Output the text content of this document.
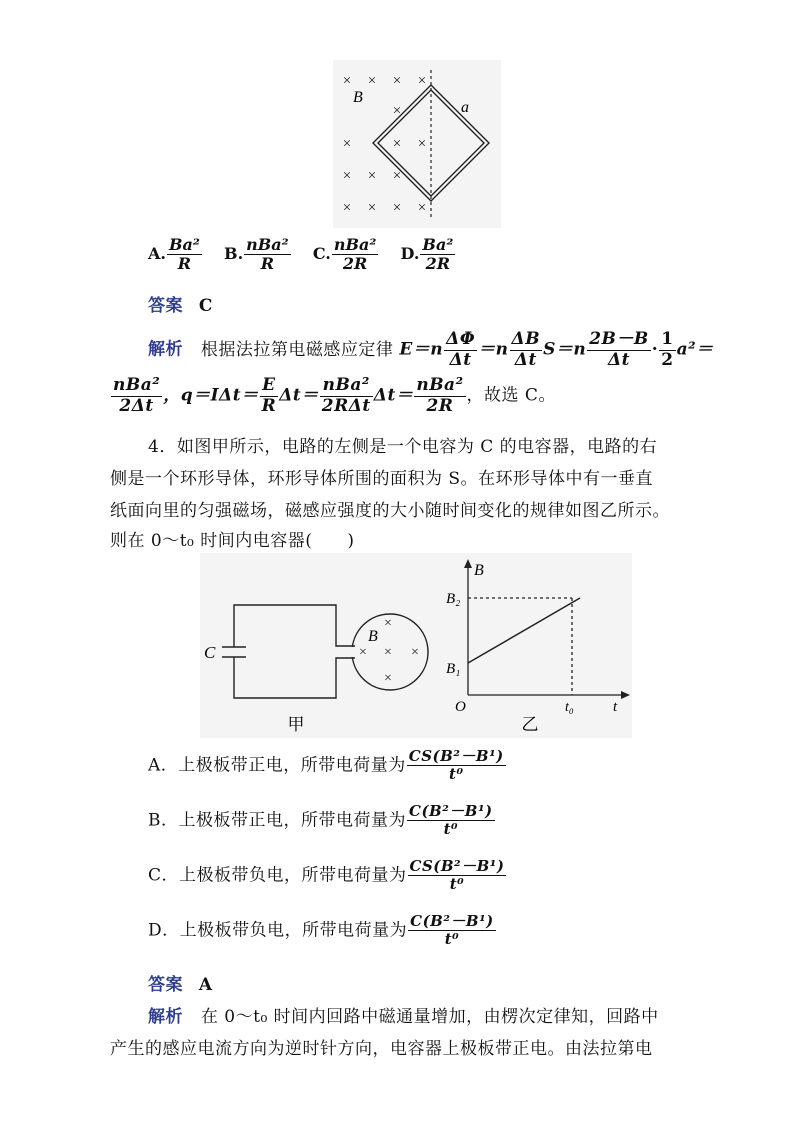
× × × ×
×
×	× ×
× × ×
× × × ×
B
a
A. $\frac{\text{Ba²}}{R} B$. $\frac{\text{nBa²}}{R} C$. $\frac{\text{nBa²}}{2R} D$. $\frac{\text{Ba²}}{2R}$
答案 C
解析 根据法拉第电磁感应定律 $E=n \frac{\Delta\Phi}{\Delta t} =n \frac{\Delta B}{\Delta t} S=n \frac{2B-B}{\Delta t} \cdot \frac{1}{2} a^2=$
$\frac{\text{nBa²}}{2\Delta t}$ ，$q=I\Delta t= \frac{E}{R} \Delta t= \frac{\text{nBa²}}{\text{2RΔt}} \Delta t= \frac{\text{nBa²}}{2R}$ ，故选 C。
4．如图甲所示，电路的左侧是一个电容为 C 的电容器，电路的右
侧是一个环形导体，环形导体所围的面积为 S。在环形导体中有一垂直
纸面向里的匀强磁场，磁感应强度的大小随时间变化的规律如图乙所示。
则在 0～t₀ 时间内电容器(　　)
C
B
×
× × ×
×
甲
B
B₂
B₁
O	t₀	t
乙
A．上极板带正电，所带电荷量为 $\frac{\text{CS(B²－B¹)}}{\text{t⁰}}$
B．上极板带正电，所带电荷量为 $\frac{\text{C(B²－B¹)}}{\text{t⁰}}$
C．上极板带负电，所带电荷量为 $\frac{\text{CS(B²－B¹)}}{\text{t⁰}}$
D．上极板带负电，所带电荷量为 $\frac{\text{C(B²－B¹)}}{\text{t⁰}}$
答案 A
解析 在 0～t₀ 时间内回路中磁通量增加，由楞次定律知，回路中
产生的感应电流方向为逆时针方向，电容器上极板带正电。由法拉第电
